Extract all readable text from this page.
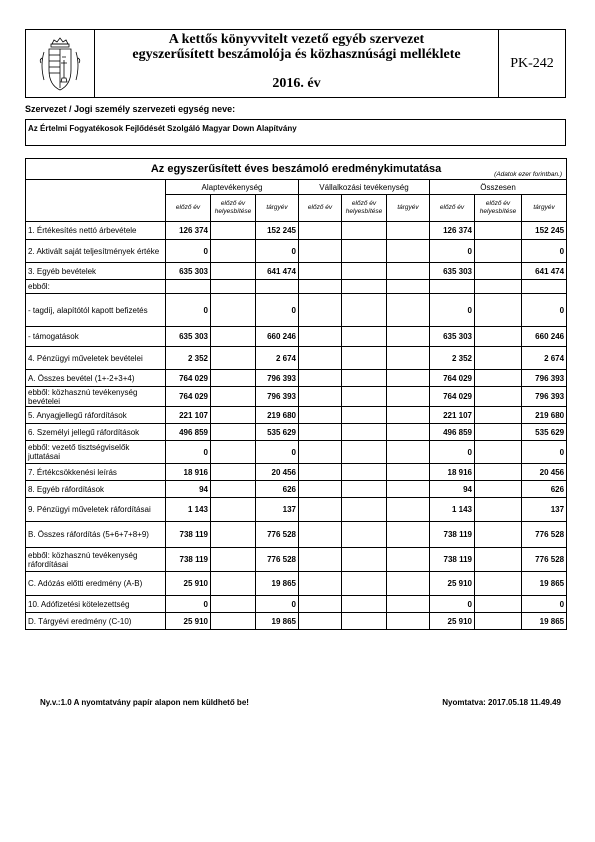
A kettős könyvvitelt vezető egyéb szervezet
egyszerűsített beszámolója és közhasznúsági melléklete
2016. év
PK-242
Szervezet / Jogi személy szervezeti egység neve:
Az Értelmi Fogyatékosok Fejlődését Szolgáló Magyar Down Alapítvány
Az egyszerűsített éves beszámoló eredménykimutatása (Adatok ezer forintban.)									

	Alaptevékenység			Vállalkozási tevékenység			Összesen		
	előző év	előző év helyesbítése	tárgyév	előző év	előző év helyesbítése	tárgyév	előző év	előző év helyesbítése	tárgyév
1. Értékesítés nettó árbevétele	126 374		152 245				126 374		152 245
2. Aktivált saját teljesítmények értéke	0		0				0		0
3. Egyéb bevételek	635 303		641 474				635 303		641 474
ebből:									
- tagdíj, alapítótól kapott befizetés	0		0				0		0
- támogatások	635 303		660 246				635 303		660 246
4. Pénzügyi műveletek bevételei	2 352		2 674				2 352		2 674
A. Összes bevétel (1+-2+3+4)	764 029		796 393				764 029		796 393
ebből: közhasznú tevékenység bevételei	764 029		796 393				764 029		796 393
5. Anyagjellegű ráfordítások	221 107		219 680				221 107		219 680
6. Személyi jellegű ráfordítások	496 859		535 629				496 859		535 629
ebből: vezető tisztségviselők juttatásai	0		0				0		0
7. Értékcsökkenési leírás	18 916		20 456				18 916		20 456
8. Egyéb ráfordítások	94		626				94		626
9. Pénzügyi műveletek ráfordításai	1 143		137				1 143		137
B. Összes ráfordítás (5+6+7+8+9)	738 119		776 528				738 119		776 528
ebből: közhasznú tevékenység ráfordításai	738 119		776 528				738 119		776 528
C. Adózás előtti eredmény (A-B)	25 910		19 865				25 910		19 865
10. Adófizetési kötelezettség	0		0				0		0
D. Tárgyévi eredmény (C-10)	25 910		19 865				25 910		19 865
Ny.v.:1.0 A nyomtatvány papír alapon nem küldhető be!	Nyomtatva: 2017.05.18 11.49.49
